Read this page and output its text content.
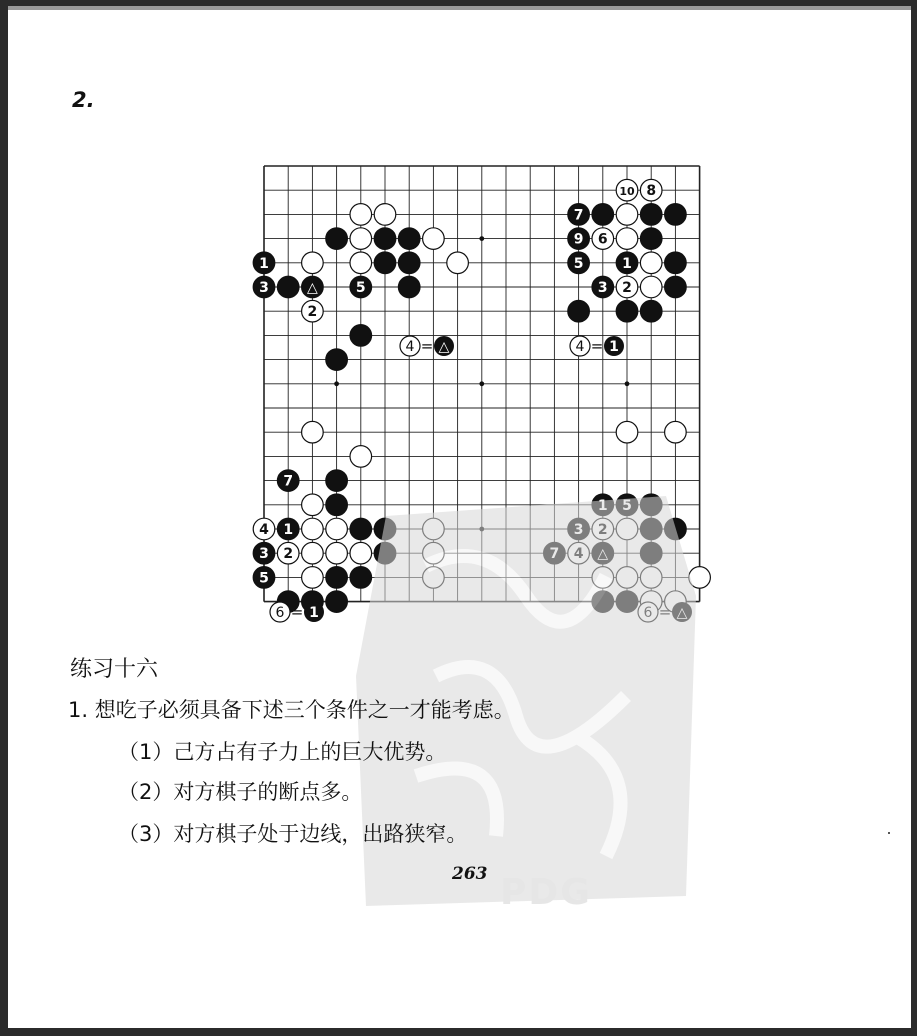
2.
1
3
2
5
△
7
9 6
5	1
3 2
10 8
7
4 1
3 2
5
4 = △	4 = 1
6 = 1
PDG
练习十六
1. 想吃子必须具备下述三个条件之一才能考虑。
（1）己方占有子力上的巨大优势。
（2）对方棋子的断点多。
（3）对方棋子处于边线，出路狭窄。
263
